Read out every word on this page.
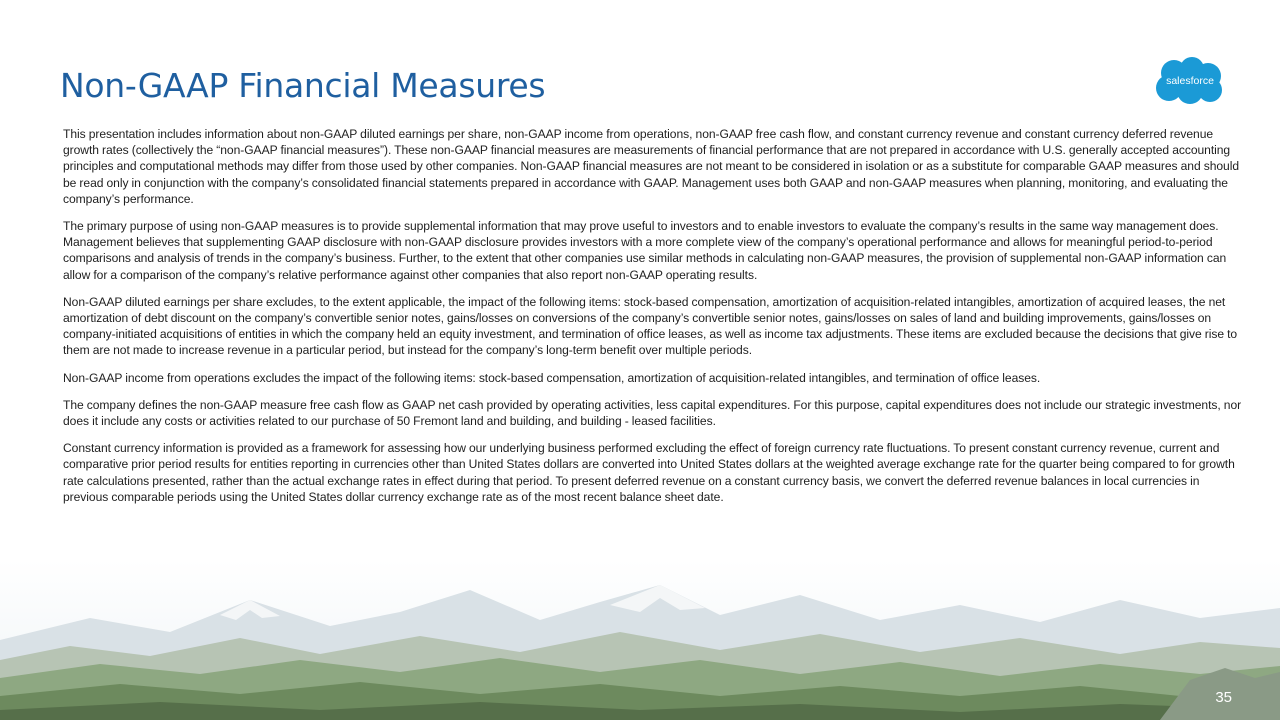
Non-GAAP Financial Measures	salesforce

This presentation includes information about non-GAAP diluted earnings per share, non-GAAP income from operations, non-GAAP free cash flow, and constant currency revenue and constant currency deferred revenue growth rates (collectively the “non-GAAP financial measures”). These non-GAAP financial measures are measurements of financial performance that are not prepared in accordance with U.S. generally accepted accounting principles and computational methods may differ from those used by other companies. Non-GAAP financial measures are not meant to be considered in isolation or as a substitute for comparable GAAP measures and should be read only in conjunction with the company’s consolidated financial statements prepared in accordance with GAAP. Management uses both GAAP and non-GAAP measures when planning, monitoring, and evaluating the company’s performance.

The primary purpose of using non-GAAP measures is to provide supplemental information that may prove useful to investors and to enable investors to evaluate the company’s results in the same way management does. Management believes that supplementing GAAP disclosure with non-GAAP disclosure provides investors with a more complete view of the company’s operational performance and allows for meaningful period-to-period comparisons and analysis of trends in the company’s business. Further, to the extent that other companies use similar methods in calculating non-GAAP measures, the provision of supplemental non-GAAP information can allow for a comparison of the company’s relative performance against other companies that also report non-GAAP operating results.

Non-GAAP diluted earnings per share excludes, to the extent applicable, the impact of the following items: stock-based compensation, amortization of acquisition-related intangibles, amortization of acquired leases, the net amortization of debt discount on the company’s convertible senior notes, gains/losses on conversions of the company’s convertible senior notes, gains/losses on sales of land and building improvements, gains/losses on company-initiated acquisitions of entities in which the company held an equity investment, and termination of office leases, as well as income tax adjustments. These items are excluded because the decisions that give rise to them are not made to increase revenue in a particular period, but instead for the company’s long-term benefit over multiple periods.

Non-GAAP income from operations excludes the impact of the following items: stock-based compensation, amortization of acquisition-related intangibles, and termination of office leases.

The company defines the non-GAAP measure free cash flow as GAAP net cash provided by operating activities, less capital expenditures. For this purpose, capital expenditures does not include our strategic investments, nor does it include any costs or activities related to our purchase of 50 Fremont land and building, and building - leased facilities.

Constant currency information is provided as a framework for assessing how our underlying business performed excluding the effect of foreign currency rate fluctuations. To present constant currency revenue, current and comparative prior period results for entities reporting in currencies other than United States dollars are converted into United States dollars at the weighted average exchange rate for the quarter being compared to for growth rate calculations presented, rather than the actual exchange rates in effect during that period. To present deferred revenue on a constant currency basis, we convert the deferred revenue balances in local currencies in previous comparable periods using the United States dollar currency exchange rate as of the most recent balance sheet date.

35
